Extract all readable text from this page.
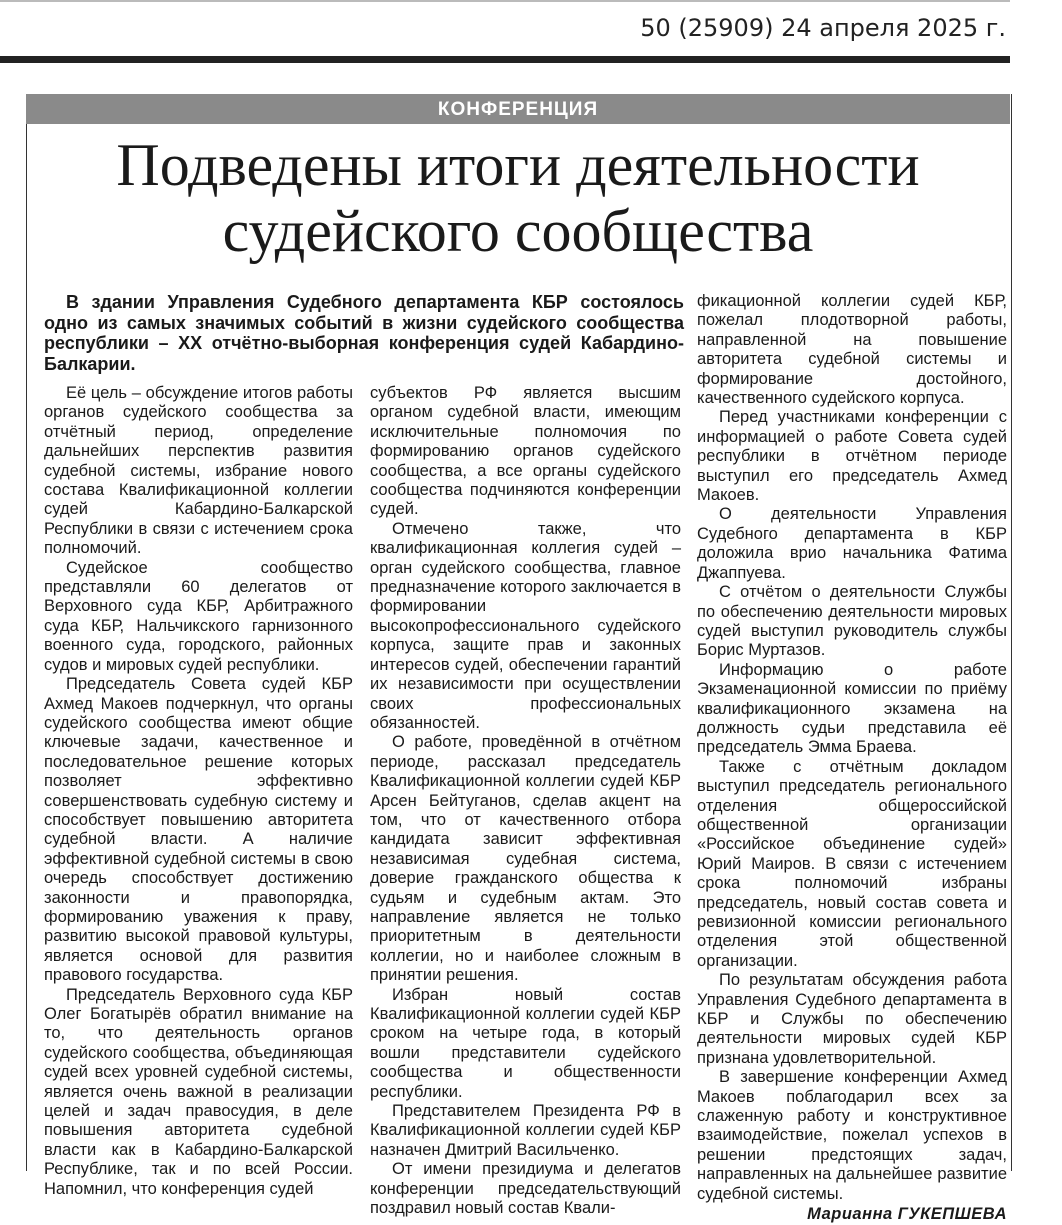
50 (25909) 24 апреля 2025 г.
КОНФЕРЕНЦИЯ
Подведены итоги деятельности
судейского сообщества

В здании Управления Судебного департамента КБР состоялось одно из самых значимых событий в жизни судейского сообщества республики – ХХ отчётно-выборная конференция судей Кабардино-Балкарии.

Её цель – обсуждение итогов работы органов судейского сообщества за отчётный период, определение дальнейших перспектив развития судебной системы, избрание нового состава Квалификационной коллегии судей Кабардино-Балкарской Республики в связи с истечением срока полномочий.

Судейское сообщество представляли 60 делегатов от Верховного суда КБР, Арбитражного суда КБР, Нальчикского гарнизонного военного суда, городского, районных судов и мировых судей республики.

Председатель Совета судей КБР Ахмед Макоев подчеркнул, что органы судейского сообщества имеют общие ключевые задачи, качественное и последовательное решение которых позволяет эффективно совершенствовать судебную систему и способствует повышению авторитета судебной власти. А наличие эффективной судебной системы в свою очередь способствует достижению законности и правопорядка, формированию уважения к праву, развитию высокой правовой культуры, является основой для развития правового государства.

Председатель Верховного суда КБР Олег Богатырёв обратил внимание на то, что деятельность органов судейского сообщества, объединяющая судей всех уровней судебной системы, является очень важной в реализации целей и задач правосудия, в деле повышения авторитета судебной власти как в Кабардино-Балкарской Республике, так и по всей России. Напомнил, что конференция судей

субъектов РФ является высшим органом судебной власти, имеющим исключительные полномочия по формированию органов судейского сообщества, а все органы судейского сообщества подчиняются конференции судей.

Отмечено также, что квалификационная коллегия судей – орган судейского сообщества, главное предназначение которого заключается в формировании высокопрофессионального судейского корпуса, защите прав и законных интересов судей, обеспечении гарантий их независимости при осуществлении своих профессиональных обязанностей.

О работе, проведённой в отчётном периоде, рассказал председатель Квалификационной коллегии судей КБР Арсен Бейтуганов, сделав акцент на том, что от качественного отбора кандидата зависит эффективная независимая судебная система, доверие гражданского общества к судьям и судебным актам. Это направление является не только приоритетным в деятельности коллегии, но и наиболее сложным в принятии решения.

Избран новый состав Квалификационной коллегии судей КБР сроком на четыре года, в который вошли представители судейского сообщества и общественности республики.

Представителем Президента РФ в Квалификационной коллегии судей КБР назначен Дмитрий Васильченко.

От имени президиума и делегатов конференции председательствующий поздравил новый состав Квали-

фикационной коллегии судей КБР, пожелал плодотворной работы, направленной на повышение авторитета судебной системы и формирование достойного, качественного судейского корпуса.

Перед участниками конференции с информацией о работе Совета судей республики в отчётном периоде выступил его председатель Ахмед Макоев.

О деятельности Управления Судебного департамента в КБР доложила врио начальника Фатима Джаппуева.

С отчётом о деятельности Службы по обеспечению деятельности мировых судей выступил руководитель службы Борис Муртазов.

Информацию о работе Экзаменационной комиссии по приёму квалификационного экзамена на должность судьи представила её председатель Эмма Браева.

Также с отчётным докладом выступил председатель регионального отделения общероссийской общественной организации «Российское объединение судей» Юрий Маиров. В связи с истечением срока полномочий избраны председатель, новый состав совета и ревизионной комиссии регионального отделения этой общественной организации.

По результатам обсуждения работа Управления Судебного департамента в КБР и Службы по обеспечению деятельности мировых судей КБР признана удовлетворительной.

В завершение конференции Ахмед Макоев поблагодарил всех за слаженную работу и конструктивное взаимодействие, пожелал успехов в решении предстоящих задач, направленных на дальнейшее развитие судебной системы.

Марианна ГУКЕПШЕВА
